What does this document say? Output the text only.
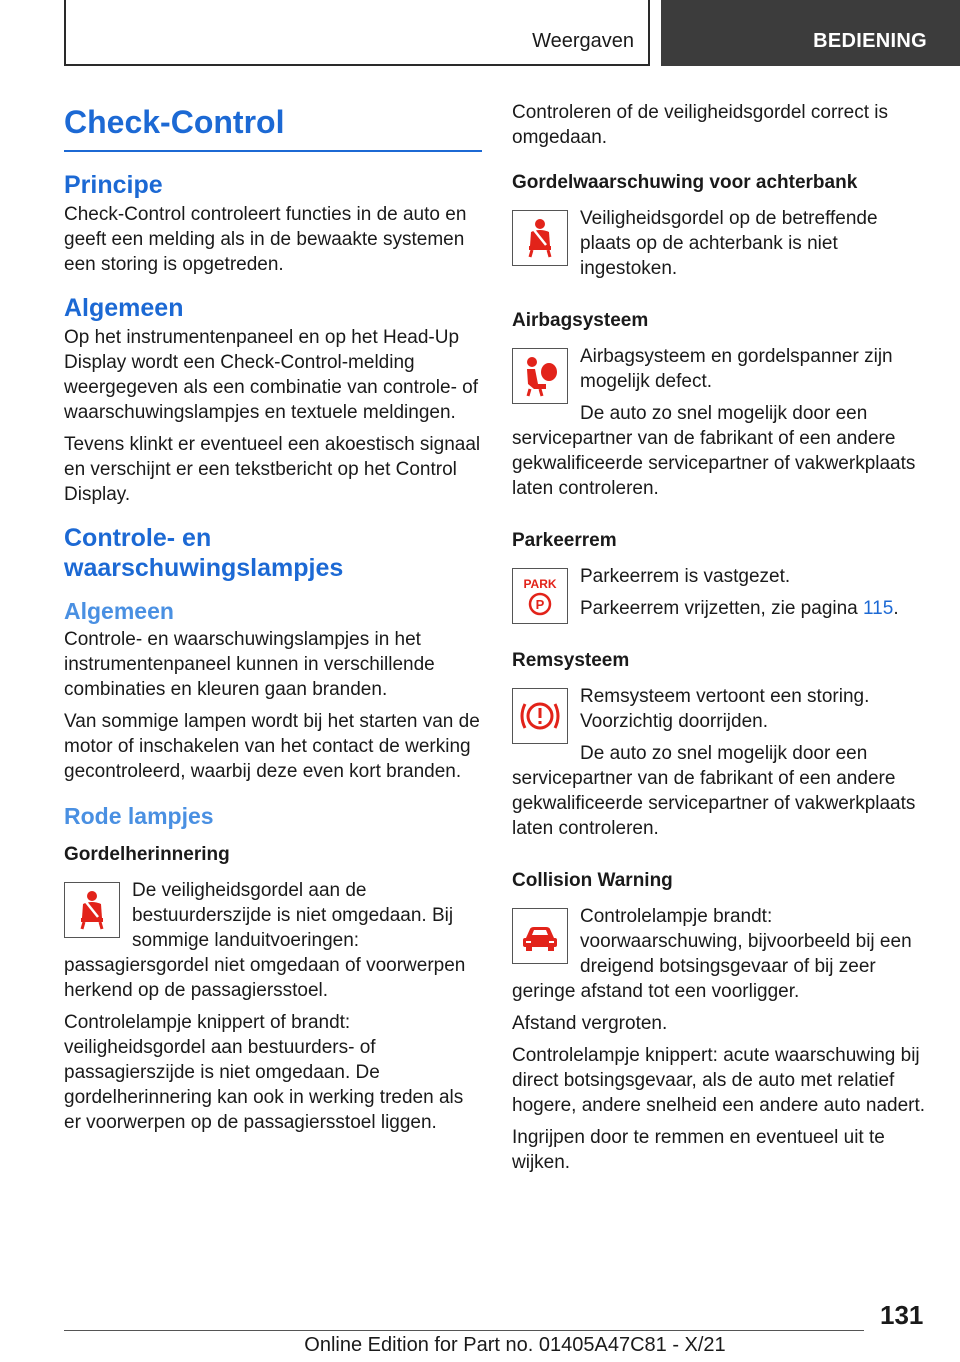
Weergaven	BEDIENING
Check-Control
Principe

Check-Control controleert functies in de auto en geeft een melding als in de bewaakte systemen een storing is opgetreden.

Algemeen

Op het instrumentenpaneel en op het Head-Up Display wordt een Check-Control-melding weergegeven als een combinatie van controle- of waarschuwingslampjes en textuele meldingen.

Tevens klinkt er eventueel een akoestisch signaal en verschijnt er een tekstbericht op het Control Display.

Controle- en waarschuwingslampjes
Algemeen

Controle- en waarschuwingslampjes in het instrumentenpaneel kunnen in verschillende combinaties en kleuren gaan branden.

Van sommige lampen wordt bij het starten van de motor of inschakelen van het contact de werking gecontroleerd, waarbij deze even kort branden.

Rode lampjes
Gordelherinnering

De veiligheidsgordel aan de bestuurderszijde is niet omgedaan. Bij sommige landuitvoeringen: passagiersgordel niet omgedaan of voorwerpen herkend op de passagiersstoel.

Controlelampje knippert of brandt: veiligheidsgordel aan bestuurders- of passagierszijde is niet omgedaan. De gordelherinnering kan ook in werking treden als er voorwerpen op de passagiersstoel liggen.

Controleren of de veiligheidsgordel correct is omgedaan.

Gordelwaarschuwing voor achterbank

Veiligheidsgordel op de betreffende plaats op de achterbank is niet ingestoken.

Airbagsysteem

Airbagsysteem en gordelspanner zijn mogelijk defect.

De auto zo snel mogelijk door een servicepartner van de fabrikant of een andere gekwalificeerde servicepartner of vakwerkplaats laten controleren.

Parkeerrem
PARK
P

Parkeerrem is vastgezet.

Parkeerrem vrijzetten, zie pagina 115.

Remsysteem

Remsysteem vertoont een storing. Voorzichtig doorrijden.

De auto zo snel mogelijk door een servicepartner van de fabrikant of een andere gekwalificeerde servicepartner of vakwerkplaats laten controleren.

Collision Warning

Controlelampje brandt: voorwaarschuwing, bijvoorbeeld bij een dreigend botsingsgevaar of bij zeer geringe afstand tot een voorligger.

Afstand vergroten.

Controlelampje knippert: acute waarschuwing bij direct botsingsgevaar, als de auto met relatief hogere, andere snelheid een andere auto nadert.

Ingrijpen door te remmen en eventueel uit te wijken.

131
Online Edition for Part no. 01405A47C81 - X/21
